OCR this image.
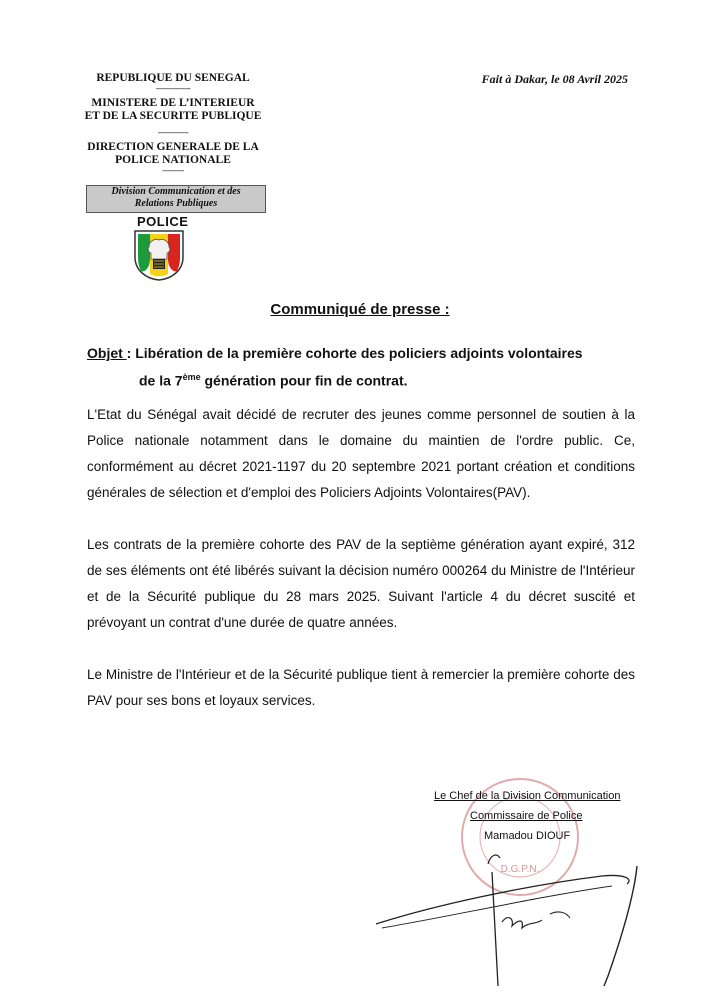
REPUBLIQUE DU SENEGAL
----------------
MINISTERE DE L’INTERIEUR
ET DE LA SECURITE PUBLIQUE
--------------
DIRECTION GENERALE DE LA
POLICE NATIONALE
----------
Division Communication et des
Relations Publiques
POLICE
Fait à Dakar, le 08 Avril 2025
Communiqué de presse :
Objet : Libération de la première cohorte des policiers adjoints volontaires
de la 7ème génération pour fin de contrat.
L'Etat du Sénégal avait décidé de recruter des jeunes comme personnel de soutien à la Police nationale notamment dans le domaine du maintien de l'ordre public. Ce, conformément au décret 2021-1197 du 20 septembre 2021 portant création et conditions générales de sélection et d'emploi des Policiers Adjoints Volontaires(PAV).
Les contrats de la première cohorte des PAV de la septième génération ayant expiré, 312 de ses éléments ont été libérés suivant la décision numéro 000264 du Ministre de l'Intérieur et de la Sécurité publique du 28 mars 2025. Suivant l'article 4 du décret suscité et prévoyant un contrat d'une durée de quatre années.
Le Ministre de l'Intérieur et de la Sécurité publique tient à remercier la première cohorte des PAV pour ses bons et loyaux services.
D.G.P.N.
Le Chef de la Division Communication
Commissaire de Police
Mamadou DIOUF
